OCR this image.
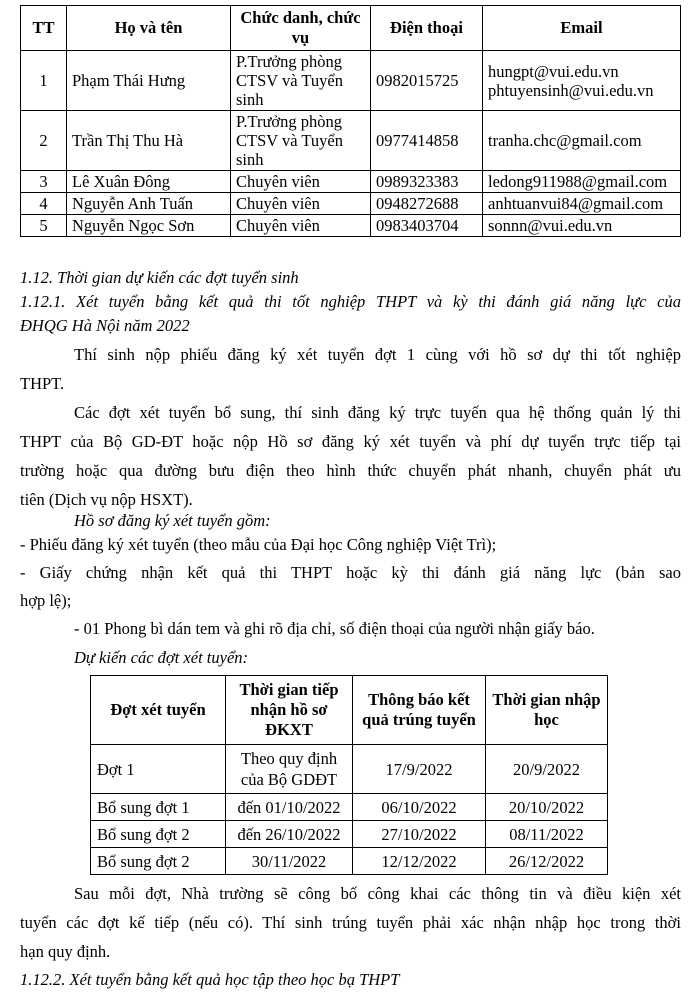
TT	Họ và tên	Chức danh, chức vụ	Điện thoại	Email
1	Phạm Thái Hưng	P.Trưởng phòng CTSV và Tuyển sinh	0982015725	hungpt@vui.edu.vn
phtuyensinh@vui.edu.vn

2	Trần Thị Thu Hà	P.Trưởng phòng CTSV và Tuyển sinh	0977414858	tranha.chc@gmail.com

3	Lê Xuân Đông	Chuyên viên	0989323383	ledong911988@gmail.com

4	Nguyễn Anh Tuấn	Chuyên viên	0948272688	anhtuanvui84@gmail.com

5	Nguyễn Ngọc Sơn	Chuyên viên	0983403704	sonnn@vui.edu.vn
1.12. Thời gian dự kiến các đợt tuyển sinh
1.12.1. Xét tuyển bằng kết quả thi tốt nghiệp THPT và kỳ thi đánh giá năng lực của
ĐHQG Hà Nội năm 2022
Thí sinh nộp phiếu đăng ký xét tuyển đợt 1 cùng với hồ sơ dự thi tốt nghiệp
THPT.
Các đợt xét tuyển bổ sung, thí sinh đăng ký trực tuyến qua hệ thống quản lý thi
THPT của Bộ GD-ĐT hoặc nộp Hồ sơ đăng ký xét tuyển và phí dự tuyển trực tiếp tại
trường hoặc qua đường bưu điện theo hình thức chuyển phát nhanh, chuyển phát ưu
tiên (Dịch vụ nộp HSXT).
Hồ sơ đăng ký xét tuyển gồm:
- Phiếu đăng ký xét tuyển (theo mẫu của Đại học Công nghiệp Việt Trì);
- Giấy chứng nhận kết quả thi THPT hoặc kỳ thi đánh giá năng lực (bản sao
hợp lệ);
- 01 Phong bì dán tem và ghi rõ địa chỉ, số điện thoại của người nhận giấy báo.
Dự kiến các đợt xét tuyển:
Đợt xét tuyển	Thời gian tiếp nhận hồ sơ ĐKXT	Thông báo kết quả trúng tuyển	Thời gian nhập học
Đợt 1	Theo quy định của Bộ GDĐT	17/9/2022	20/9/2022
Bổ sung đợt 1	đến 01/10/2022	06/10/2022	20/10/2022
Bổ sung đợt 2	đến 26/10/2022	27/10/2022	08/11/2022
Bổ sung đợt 2	30/11/2022	12/12/2022	26/12/2022
Sau mỗi đợt, Nhà trường sẽ công bố công khai các thông tin và điều kiện xét
tuyển các đợt kế tiếp (nếu có). Thí sinh trúng tuyển phải xác nhận nhập học trong thời
hạn quy định.
1.12.2. Xét tuyển bằng kết quả học tập theo học bạ THPT
